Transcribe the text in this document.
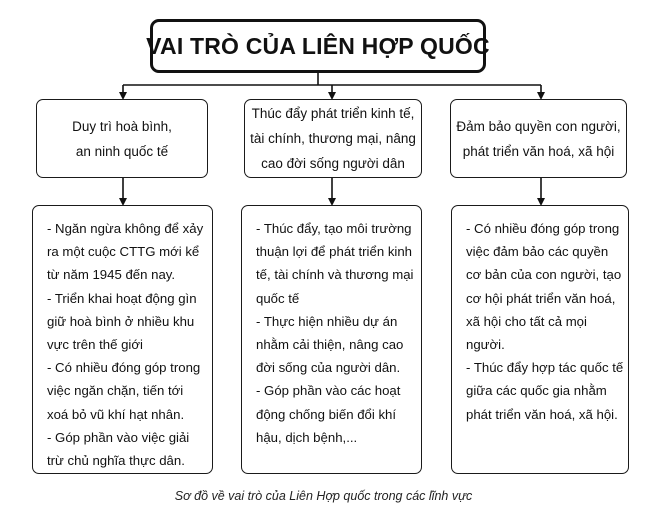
VAI TRÒ CỦA LIÊN HỢP QUỐC
Duy trì hoà bình,
an ninh quốc tế
Thúc đẩy phát triển kinh tế,
tài chính, thương mại, nâng
cao đời sống người dân
Đảm bảo quyền con người,
phát triển văn hoá, xã hội
- Ngăn ngừa không để xảy
ra một cuộc CTTG mới kể
từ năm 1945 đến nay.
- Triển khai hoạt động gìn
giữ hoà bình ở nhiều khu
vực trên thế giới
- Có nhiều đóng góp trong
việc ngăn chặn, tiến tới
xoá bỏ vũ khí hạt nhân.
- Góp phần vào việc giải
trừ chủ nghĩa thực dân.
- Thúc đẩy, tạo môi trường
thuận lợi để phát triển kinh
tế, tài chính và thương mại
quốc tế
- Thực hiện nhiều dự án
nhằm cải thiện, nâng cao
đời sống của người dân.
- Góp phần vào các hoạt
động chống biến đổi khí
hậu, dịch bệnh,...
- Có nhiều đóng góp trong
việc đảm bảo các quyền
cơ bản của con người, tạo
cơ hội phát triển văn hoá,
xã hội cho tất cả mọi
người.
- Thúc đẩy hợp tác quốc tế
giữa các quốc gia nhằm
phát triển văn hoá, xã hội.
Sơ đồ về vai trò của Liên Hợp quốc trong các lĩnh vực
